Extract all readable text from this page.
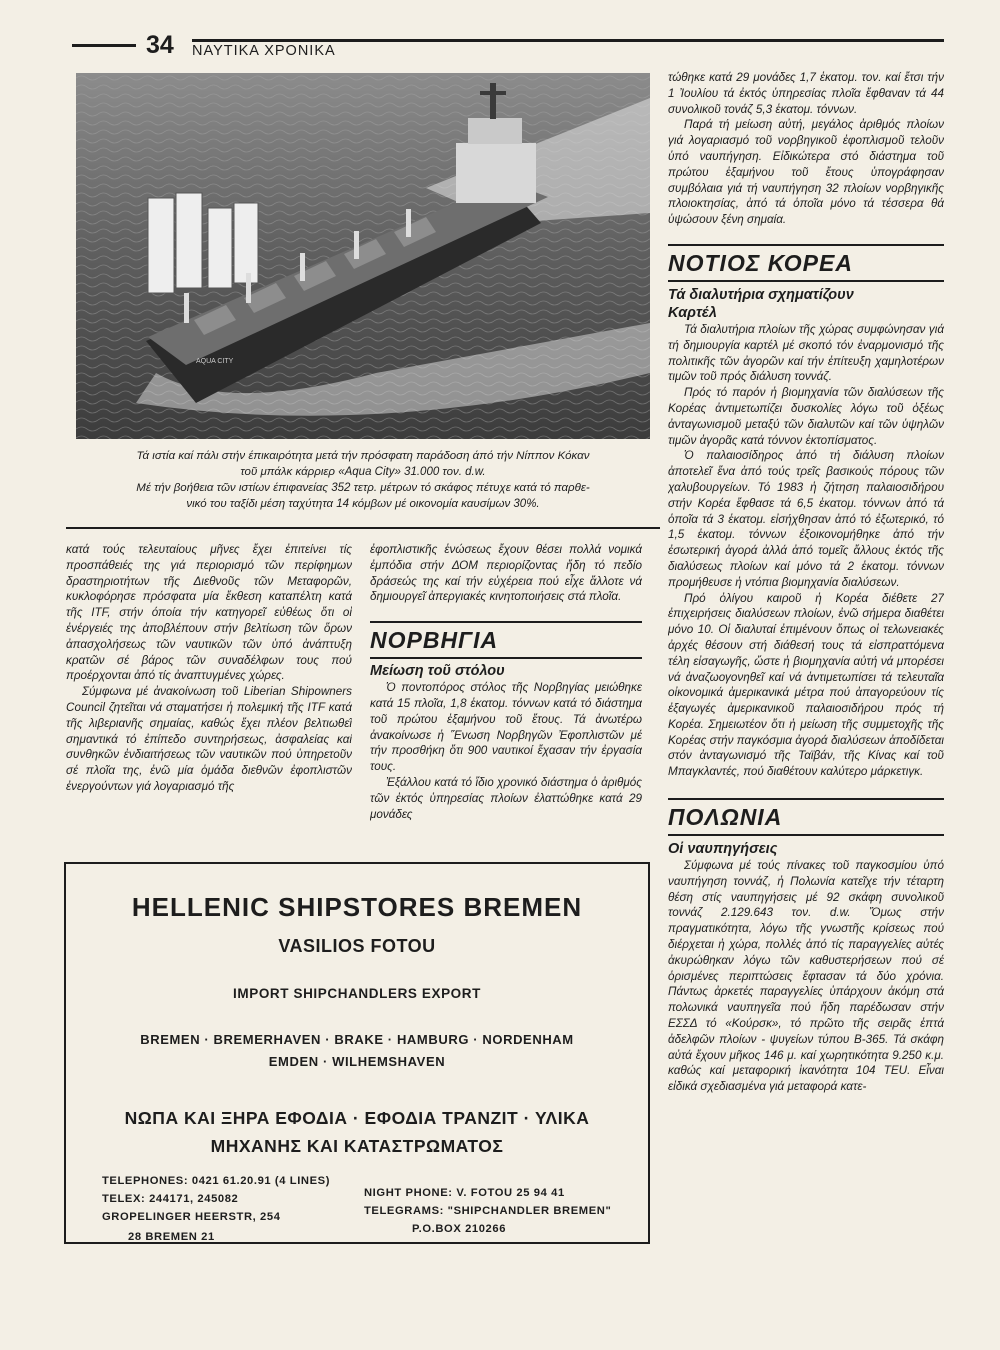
34 ΝΑΥΤΙΚΑ ΧΡΟΝΙΚΑ
AQUA CITY

Τά ιστία καί πάλι στήν έπικαιρότητα μετά τήν πρόσφατη παράδοση άπό τήν Νίππον Κόκαν

τοῦ μπάλκ κάρριερ «Aqua City» 31.000 τον. d.w.

Μέ τήν βοήθεια τῶν ιστίων έπιφανείας 352 τετρ. μέτρων τό σκάφος πέτυχε κατά τό παρθε-

νικό του ταξίδι μέση ταχύτητα 14 κόμβων μέ οικονομία καυσίμων 30%.

κατά τούς τελευταίους μῆνες ἔχει ἐπιτείνει τίς προσπάθειές της γιά περιορισμό τῶν περίφημων δραστηριοτήτων τῆς Διεθνοῦς τῶν Μεταφορῶν, κυκλοφόρησε πρόσφατα μία ἔκθεση καταπέλτη κατά τῆς ITF, στήν όποία τήν κατηγορεῖ εὐθέως ὅτι οἱ ἐνέργειές της ἀποβλέπουν στήν βελτίωση τῶν ὅρων ἀπασχολήσεως τῶν ναυτικῶν τῶν ὑπό ἀνάπτυξη κρατῶν σέ βάρος τῶν συναδέλφων τους πού προέρχονται ἀπό τίς ἀναπτυγμένες χώρες.

Σύμφωνα μέ ἀνακοίνωση τοῦ Liberian Shipowners Council ζητεῖται νά σταματήσει ἡ πολεμική τῆς ITF κατά τῆς λιβεριανῆς σημαίας, καθώς ἔχει πλέον βελτιωθεῖ σημαντικά τό ἐπίπεδο συντηρήσεως, ἀσφαλείας καί συνθηκῶν ἐνδιαιτήσεως τῶν ναυτικῶν πού ὑπηρετοῦν σέ πλοῖα της, ἐνῶ μία ὁμάδα διεθνῶν ἐφοπλιστῶν ἐνεργούντων γιά λογαριασμό τῆς

ἐφοπλιστικῆς ἑνώσεως ἔχουν θέσει πολλά νομικά ἐμπόδια στήν ΔΟΜ περιορίζοντας ἤδη τό πεδίο δράσεώς της καί τήν εὐχέρεια πού εἶχε ἄλλοτε νά δημιουργεῖ ἀπεργιακές κινητοποιήσεις στά πλοῖα.

ΝΟΡΒΗΓΙΑ

Μείωση τοῦ στόλου

Ὁ ποντοπόρος στόλος τῆς Νορβηγίας μειώθηκε κατά 15 πλοῖα, 1,8 ἑκατομ. τόννων κατά τό διάστημα τοῦ πρώτου ἑξαμήνου τοῦ ἔτους. Τά ἀνωτέρω ἀνακοίνωσε ἡ Ἕνωση Νορβηγῶν Ἐφοπλιστῶν μέ τήν προσθήκη ὅτι 900 ναυτικοί ἔχασαν τήν ἐργασία τους.

Ἐξάλλου κατά τό ἴδιο χρονικό διάστημα ὁ ἀριθμός τῶν ἐκτός ὑπηρεσίας πλοίων ἐλαττώθηκε κατά 29 μονάδες

τώθηκε κατά 29 μονάδες 1,7 ἑκατομ. τον. καί ἔτσι τήν 1 Ἰουλίου τά ἐκτός ὑπηρεσίας πλοῖα ἔφθαναν τά 44 συνολικοῦ τονάζ 5,3 ἑκατομ. τόννων.

Παρά τή μείωση αὐτή, μεγάλος ἀριθμός πλοίων γιά λογαριασμό τοῦ νορβηγικοῦ ἐφοπλισμοῦ τελοῦν ὑπό ναυπήγηση. Εἰδικώτερα στό διάστημα τοῦ πρώτου ἑξαμήνου τοῦ ἔτους ὑπογράφησαν συμβόλαια γιά τή ναυπήγηση 32 πλοίων νορβηγικῆς πλοιοκτησίας, ἀπό τά ὁποῖα μόνο τά τέσσερα θά ὑψώσουν ξένη σημαία.

ΝΟΤΙΟΣ ΚΟΡΕΑ

Τά διαλυτήρια σχηματίζουν

Καρτέλ

Τά διαλυτήρια πλοίων τῆς χώρας συμφώνησαν γιά τή δημιουργία καρτέλ μέ σκοπό τόν ἐναρμονισμό τῆς πολιτικῆς τῶν ἀγορῶν καί τήν ἐπίτευξη χαμηλοτέρων τιμῶν τοῦ πρός διάλυση τοννάζ.

Πρός τό παρόν ἡ βιομηχανία τῶν διαλύσεων τῆς Κορέας ἀντιμετωπίζει δυσκολίες λόγω τοῦ ὀξέως ἀνταγωνισμοῦ μεταξύ τῶν διαλυτῶν καί τῶν ὑψηλῶν τιμῶν ἀγορᾶς κατά τόννον ἐκτοπίσματος.

Ὁ παλαιοσίδηρος ἀπό τή διάλυση πλοίων ἀποτελεῖ ἕνα ἀπό τούς τρεῖς βασικούς πόρους τῶν χαλυβουργείων. Τό 1983 ἡ ζήτηση παλαιοσιδήρου στήν Κορέα ἔφθασε τά 6,5 ἑκατομ. τόννων ἀπό τά ὁποῖα τά 3 ἑκατομ. εἰσήχθησαν ἀπό τό ἐξωτερικό, τό 1,5 ἑκατομ. τόννων ἐξοικονομήθηκε ἀπό τήν ἐσωτερική ἀγορά ἀλλά ἀπό τομεῖς ἄλλους ἐκτός τῆς διαλύσεως πλοίων καί μόνο τά 2 ἑκατομ. τόννων προμήθευσε ἡ ντόπια βιομηχανία διαλύσεων.

Πρό ὀλίγου καιροῦ ἡ Κορέα διέθετε 27 ἐπιχειρήσεις διαλύσεων πλοίων, ἐνῶ σήμερα διαθέτει μόνο 10. Οἱ διαλυταί ἐπιμένουν ὅπως οἱ τελωνειακές ἀρχές θέσουν στή διάθεσή τους τά εἰσπραττόμενα τέλη εἰσαγωγῆς, ὥστε ἡ βιομηχανία αὐτή νά μπορέσει νά ἀναζωογονηθεῖ καί νά ἀντιμετωπίσει τά τελευταῖα οἰκονομικά ἀμερικανικά μέτρα πού ἀπαγορεύουν τίς ἐξαγωγές ἀμερικανικοῦ παλαιοσιδήρου πρός τή Κορέα. Σημειωτέον ὅτι ἡ μείωση τῆς συμμετοχῆς τῆς Κορέας στήν παγκόσμια ἀγορά διαλύσεων ἀποδίδεται στόν ἀνταγωνισμό τῆς Ταϊβάν, τῆς Κίνας καί τοῦ Μπαγκλαντές, πού διαθέτουν καλύτερο μάρκετιγκ.

ΠΟΛΩΝΙΑ

Οἱ ναυπηγήσεις

Σύμφωνα μέ τούς πίνακες τοῦ παγκοσμίου ὑπό ναυπήγηση τοννάζ, ἡ Πολωνία κατεῖχε τήν τέταρτη θέση στίς ναυπηγήσεις μέ 92 σκάφη συνολικοῦ τοννάζ 2.129.643 τον. d.w. Ὅμως στήν πραγματικότητα, λόγω τῆς γνωστῆς κρίσεως πού διέρχεται ἡ χώρα, πολλές ἀπό τίς παραγγελίες αὐτές ἀκυρώθηκαν λόγω τῶν καθυστερήσεων πού σέ ὁρισμένες περιπτώσεις ἔφτασαν τά δύο χρόνια. Πάντως ἀρκετές παραγγελίες ὑπάρχουν ἀκόμη στά πολωνικά ναυπηγεῖα πού ἤδη παρέδωσαν στήν ΕΣΣΔ τό «Κούρσκ», τό πρῶτο τῆς σειρᾶς ἑπτά ἀδελφῶν πλοίων - ψυγείων τύπου Β-365. Τά σκάφη αὐτά ἔχουν μῆκος 146 μ. καί χωρητικότητα 9.250 κ.μ. καθώς καί μεταφορική ἱκανότητα 104 TEU. Εἶναι εἰδικά σχεδιασμένα γιά μεταφορά κατε-

HELLENIC SHIPSTORES BREMEN

VASILIOS FOTOU

IMPORT SHIPCHANDLERS EXPORT

BREMEN · BREMERHAVEN · BRAKE · HAMBURG · NORDENHAM

EMDEN · WILHEMSHAVEN

ΝΩΠΑ ΚΑΙ ΞΗΡΑ ΕΦΟΔΙΑ · ΕΦΟΔΙΑ ΤΡΑΝΖΙΤ · ΥΛΙΚΑ

ΜΗΧΑΝΗΣ ΚΑΙ ΚΑΤΑΣΤΡΩΜΑΤΟΣ

TELEPHONES: 0421 61.20.91 (4 LINES)

TELEX: 244171, 245082

GROPELINGER HEERSTR, 254

28 BREMEN 21

NIGHT PHONE: V. FOTOU 25 94 41

TELEGRAMS: "SHIPCHANDLER BREMEN"

P.O.BOX 210266
